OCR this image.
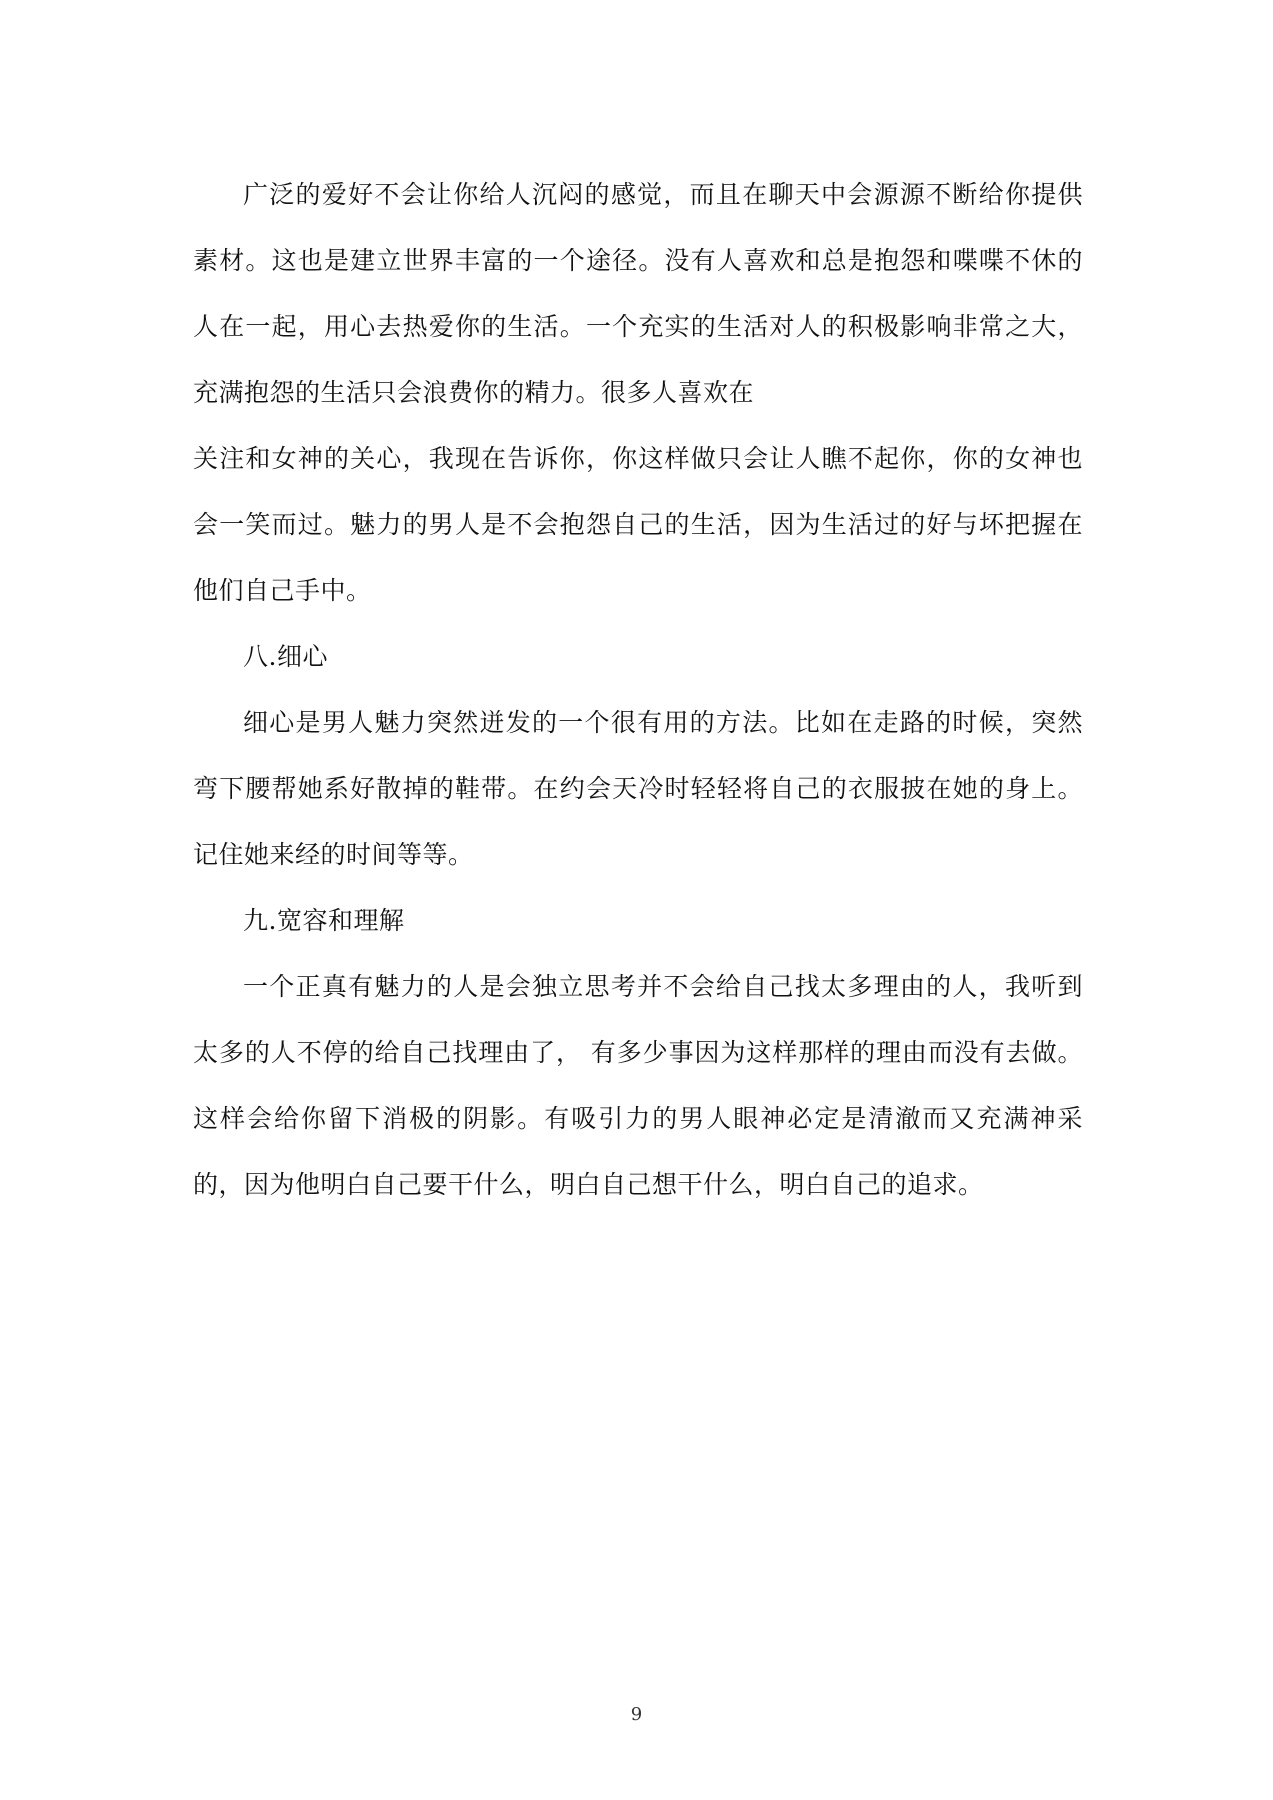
广泛的爱好不会让你给人沉闷的感觉，而且在聊天中会源源不断给你提供素材。这也是建立世界丰富的一个途径。没有人喜欢和总是抱怨和喋喋不休的人在一起，用心去热爱你的生活。一个充实的生活对人的积极影响非常之大，充满抱怨的生活只会浪费你的精力。很多人喜欢在

关注和女神的关心，我现在告诉你，你这样做只会让人瞧不起你，你的女神也会一笑而过。魅力的男人是不会抱怨自己的生活，因为生活过的好与坏把握在他们自己手中。

八.细心

细心是男人魅力突然迸发的一个很有用的方法。比如在走路的时候，突然弯下腰帮她系好散掉的鞋带。在约会天冷时轻轻将自己的衣服披在她的身上。记住她来经的时间等等。

九.宽容和理解

一个正真有魅力的人是会独立思考并不会给自己找太多理由的人，我听到太多的人不停的给自己找理由了， 有多少事因为这样那样的理由而没有去做。这样会给你留下消极的阴影。有吸引力的男人眼神必定是清澈而又充满神采的，因为他明白自己要干什么，明白自己想干什么，明白自己的追求。

9
